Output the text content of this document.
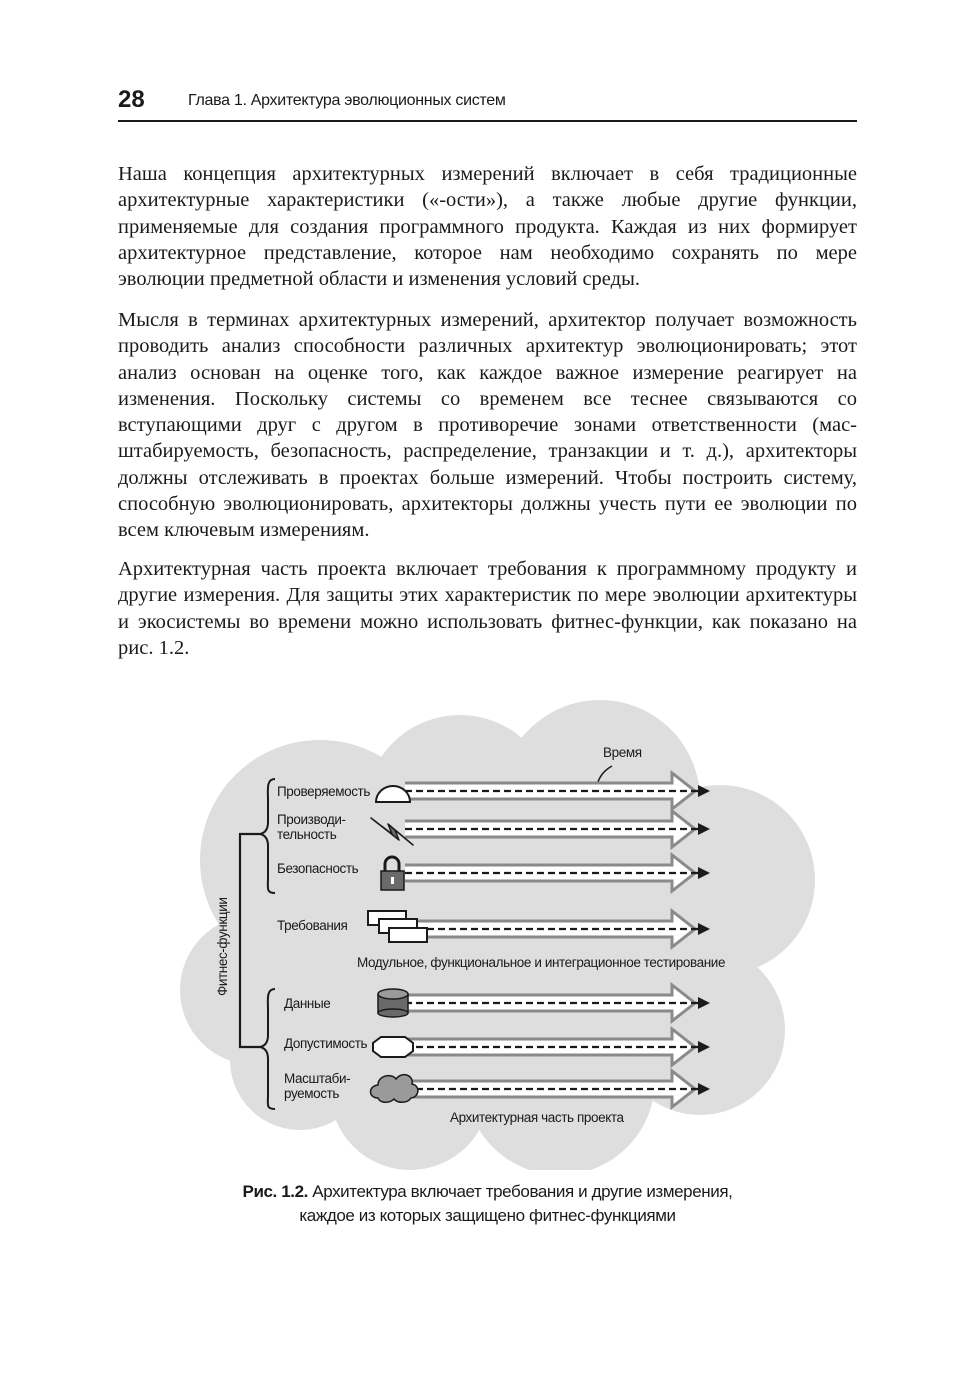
28	Глава 1. Архитектура эволюционных систем

Наша концепция архитектурных измерений включает в себя традиционные архитектурные характеристики («-ости»), а также любые другие функции, применяемые для создания программного продукта. Каждая из них формирует архитектурное представление, которое нам необходимо сохранять по мере эволюции предметной области и изменения условий среды.

Мысля в терминах архитектурных измерений, архитектор получает возможность проводить анализ способности различных архитектур эволюционировать; этот анализ основан на оценке того, как каждое важное измерение реагирует на изменения. Поскольку системы со временем все теснее связываются со вступающими друг с другом в противоречие зонами ответственности (масштабируемость, безопасность, распределение, транзакции и т. д.), архитекторы должны отслеживать в проектах больше измерений. Чтобы построить систему, способную эволюционировать, архитекторы должны учесть пути ее эволюции по всем ключевым измерениям.

Архитектурная часть проекта включает требования к программному продукту и другие измерения. Для защиты этих характеристик по мере эволюции архитектуры и экосистемы во времени можно использовать фитнес-функции, как показано на рис. 1.2.

Время
Фитнес-функции
Проверяемость
Производи-
тельность
Безопасность
Требования
Модульное, функциональное и интеграционное тестирование
Данные
Допустимость
Масштаби-
руемость
Архитектурная часть проекта
Рис. 1.2. Архитектура включает требования и другие измерения,
каждое из которых защищено фитнес-функциями
